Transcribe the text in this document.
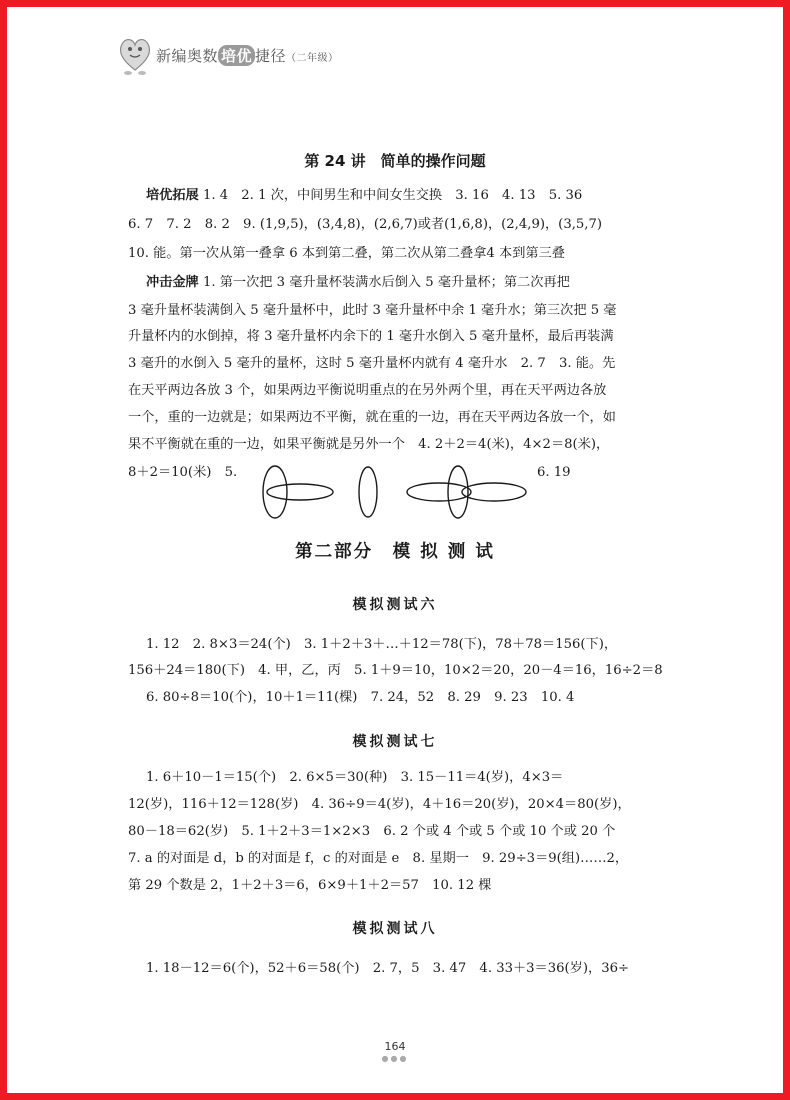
新编奥数 培优 捷径（二年级）
第 24 讲　简单的操作问题
培优拓展 1. 4　2. 1 次，中间男生和中间女生交换　3. 16　4. 13　5. 36
6. 7　7. 2　8. 2　9. (1,9,5)，(3,4,8)，(2,6,7)或者(1,6,8)，(2,4,9)，(3,5,7)
10. 能。第一次从第一叠拿 6 本到第二叠，第二次从第二叠拿4 本到第三叠
冲击金牌 1. 第一次把 3 毫升量杯装满水后倒入 5 毫升量杯；第二次再把
3 毫升量杯装满倒入 5 毫升量杯中，此时 3 毫升量杯中余 1 毫升水；第三次把 5 毫
升量杯内的水倒掉，将 3 毫升量杯内余下的 1 毫升水倒入 5 毫升量杯，最后再装满
3 毫升的水倒入 5 毫升的量杯，这时 5 毫升量杯内就有 4 毫升水　2. 7　3. 能。先
在天平两边各放 3 个，如果两边平衡说明重点的在另外两个里，再在天平两边各放
一个，重的一边就是；如果两边不平衡，就在重的一边，再在天平两边各放一个，如
果不平衡就在重的一边，如果平衡就是另外一个　4. 2＋2＝4(米)，4×2＝8(米)，
8＋2＝10(米)　5.	6. 19
第二部分　模 拟 测 试
模拟测试六
1. 12　2. 8×3＝24(个)　3. 1＋2＋3＋…＋12＝78(下)，78＋78＝156(下)，
156＋24＝180(下)　4. 甲，乙，丙　5. 1＋9＝10，10×2＝20，20－4＝16，16÷2＝8
6. 80÷8＝10(个)，10＋1＝11(棵)　7. 24，52　8. 29　9. 23　10. 4
模拟测试七
1. 6＋10－1＝15(个)　2. 6×5＝30(种)　3. 15－11＝4(岁)，4×3＝
12(岁)，116＋12＝128(岁)　4. 36÷9＝4(岁)，4＋16＝20(岁)，20×4＝80(岁)，
80－18＝62(岁)　5. 1＋2＋3＝1×2×3　6. 2 个或 4 个或 5 个或 10 个或 20 个
7. a 的对面是 d，b 的对面是 f，c 的对面是 e　8. 星期一　9. 29÷3＝9(组)……2，
第 29 个数是 2，1＋2＋3＝6，6×9＋1＋2＝57　10. 12 棵
模拟测试八
1. 18－12＝6(个)，52＋6＝58(个)　2. 7，5　3. 47　4. 33＋3＝36(岁)，36÷
164
●●●
